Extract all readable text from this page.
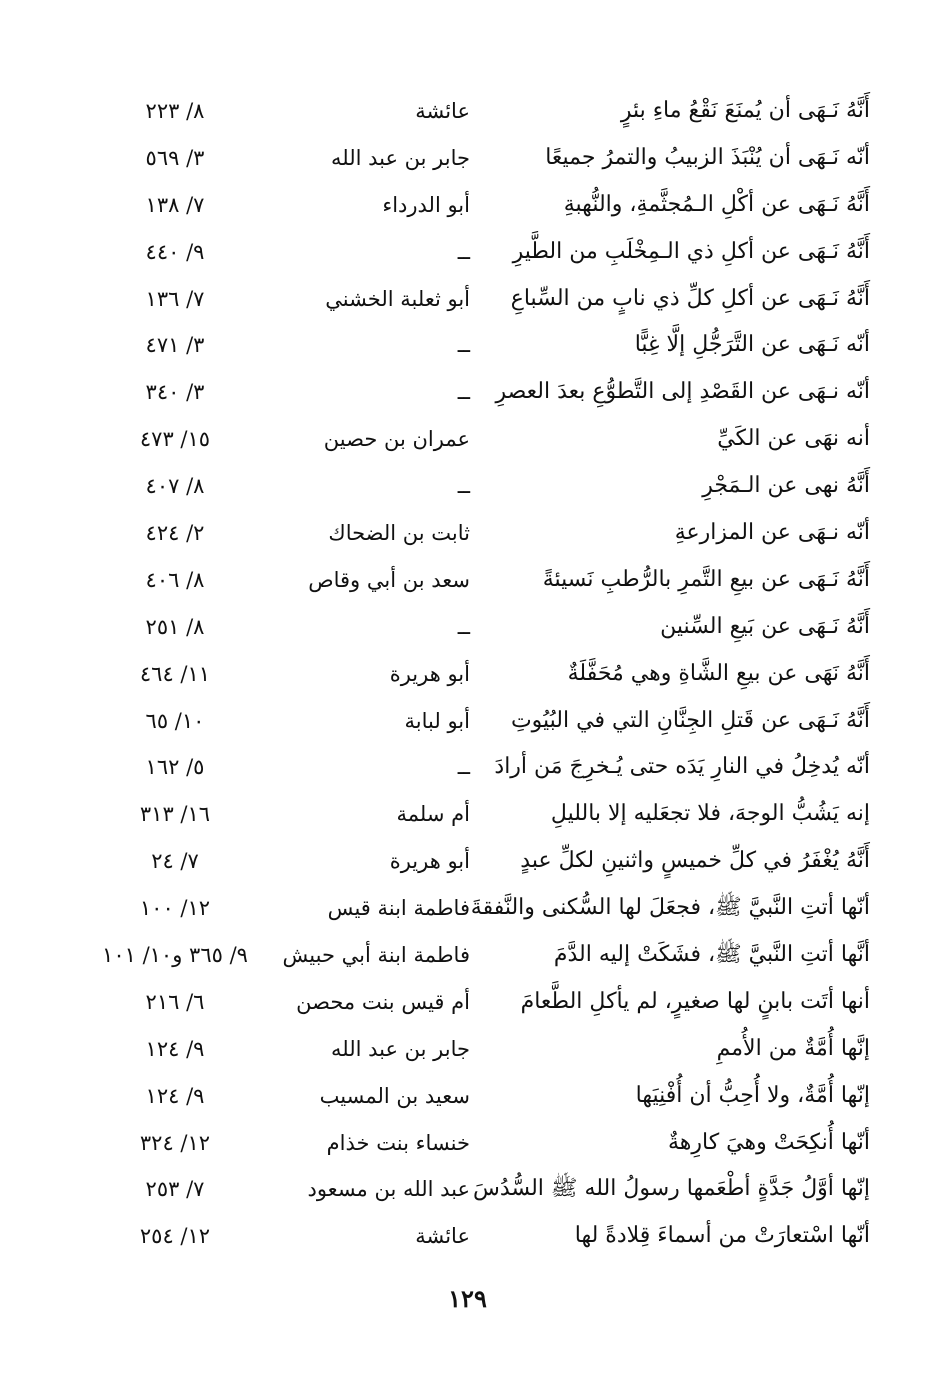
أَنَّهُ نَـهَى أن يُمنَعَ نَقْعُ ماءِ بئرٍ
عائشة
٨/ ٢٢٣
أنّه نَـهَى أن يُنْبَذَ الزبيبُ والتمرُ جميعًا
جابر بن عبد الله
٣/ ٥٦٩
أَنَّهُ نَـهَى عن أكْلِ الـمُجثَّمةِ، والنُّهبةِ
أبو الدرداء
٧/ ١٣٨
أَنَّهُ نَـهَى عن أكلِ ذي الـمِخْلَبِ من الطَّيرِ
ــ
٩/ ٤٤٠
أَنَّهُ نَـهَى عن أكلِ كلِّ ذي نابٍ من السِّباعِ
أبو ثعلبة الخشني
٧/ ١٣٦
أنّه نَـهَى عن التَّرَجُّلِ إلَّا غِبًّا
ــ
٣/ ٤٧١
أنّه نـهَى عن القَصْدِ إلى التَّطوُّعِ بعدَ العصرِ
ــ
٣/ ٣٤٠
أنه نهَى عن الكَيِّ
عمران بن حصين
١٥/ ٤٧٣
أَنَّهُ نهى عن الـمَجْرِ
ــ
٨/ ٤٠٧
أنّه نـهَى عن المزارعةِ
ثابت بن الضحاك
٢/ ٤٢٤
أَنَّهُ نَـهَى عن بيعِ التَّمرِ بالرُّطبِ نَسيئةً
سعد بن أبي وقاص
٨/ ٤٠٦
أَنَّهُ نَـهَى عن بَيعِ السِّنين
ــ
٨/ ٢٥١
أَنَّهُ نَهَى عن بيعِ الشَّاةِ وهي مُحَفَّلَةٌ
أبو هريرة
١١/ ٤٦٤
أَنَّهُ نَـهَى عن قَتلِ الجِنَّانِ التي في البُيُوتِ
أبو لبابة
١٠/ ٦٥
أنّه يُدخِلُ في النارِ يَدَه حتى يُـخرِجَ مَن أرادَ
ــ
٥/ ١٦٢
إنه يَشُبُّ الوجهَ، فلا تجعَليه إلا بالليلِ
أم سلمة
١٦/ ٣١٣
أَنَّهُ يُغْفَرُ في كلِّ خميسٍ واثنينِ لكلِّ عبدٍ
أبو هريرة
٧/ ٢٤
أنّها أتتِ النَّبيَّ ﷺ، فجعَلَ لها السُّكنى والنَّفقةَ
فاطمة ابنة قيس
١٢/ ١٠٠
أنَّها أتتِ النَّبيَّ ﷺ، فشَكَتْ إليه الدَّمَ
فاطمة ابنة أبي حبيش
٩/ ٣٦٥ و١٠/ ١٠١
أنها أتَت بابنٍ لها صغيرٍ، لم يأكلِ الطَّعامَ
أم قيس بنت محصن
٦/ ٢١٦
إنَّها أُمَّةٌ من الأُممِ
جابر بن عبد الله
٩/ ١٢٤
إنّها أُمَّةٌ، ولا أُحِبُّ أن أُفْنِيَها
سعيد بن المسيب
٩/ ١٢٤
أنّها أُنكِحَتْ وهيَ كارِهةٌ
خنساء بنت خذام
١٢/ ٣٢٤
إنّها أوَّلُ جَدَّةٍ أطْعَمها رسولُ الله ﷺ السُّدُسَ
عبد الله بن مسعود
٧/ ٢٥٣
أنّها اسْتعارَتْ من أسماءَ قِلادةً لها
عائشة
١٢/ ٢٥٤
١٢٩
